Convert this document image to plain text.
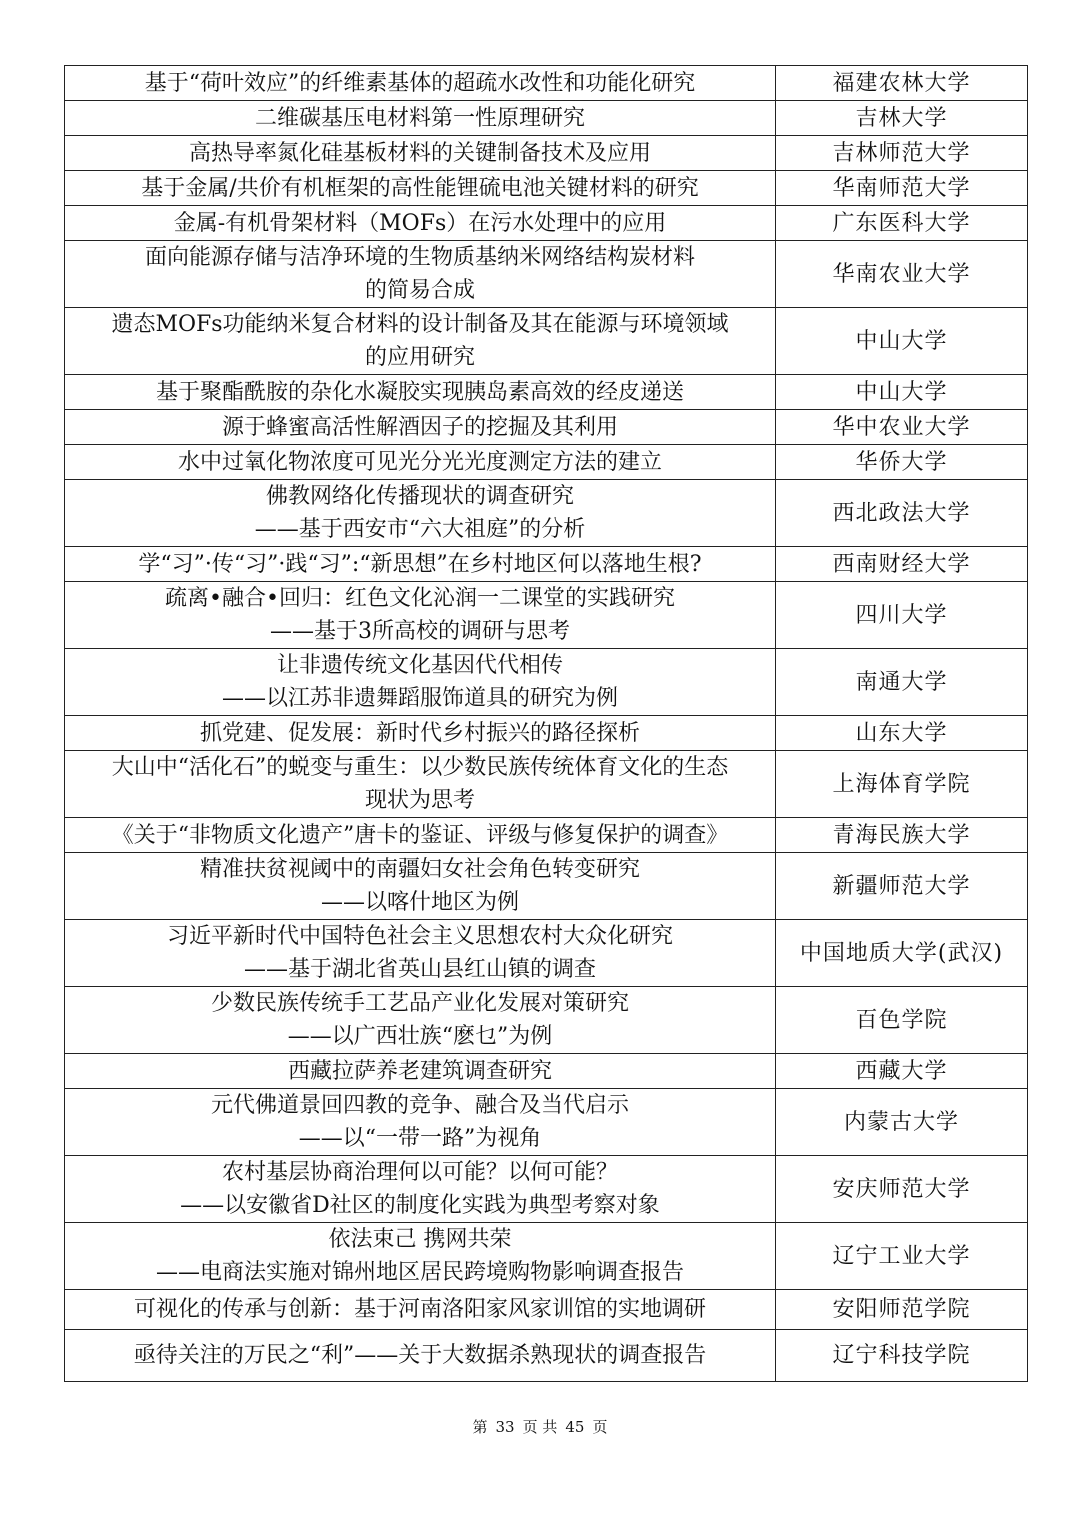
基于“荷叶效应”的纤维素基体的超疏水改性和功能化研究	福建农林大学

二维碳基压电材料第一性原理研究	吉林大学

高热导率氮化硅基板材料的关键制备技术及应用	吉林师范大学

基于金属/共价有机框架的高性能锂硫电池关键材料的研究	华南师范大学

金属-有机骨架材料（MOFs）在污水处理中的应用	广东医科大学

面向能源存储与洁净环境的生物质基纳米网络结构炭材料
的简易合成	华南农业大学

遗态MOFs功能纳米复合材料的设计制备及其在能源与环境领域
的应用研究	中山大学

基于聚酯酰胺的杂化水凝胶实现胰岛素高效的经皮递送	中山大学

源于蜂蜜高活性解酒因子的挖掘及其利用	华中农业大学

水中过氧化物浓度可见光分光光度测定方法的建立	华侨大学

佛教网络化传播现状的调查研究
——基于西安市“六大祖庭”的分析	西北政法大学

学“习”·传“习”·践“习”:“新思想”在乡村地区何以落地生根?	西南财经大学

疏离•融合•回归：红色文化沁润一二课堂的实践研究
——基于3所高校的调研与思考	四川大学

让非遗传统文化基因代代相传
——以江苏非遗舞蹈服饰道具的研究为例	南通大学

抓党建、促发展：新时代乡村振兴的路径探析	山东大学

大山中“活化石”的蜕变与重生：以少数民族传统体育文化的生态
现状为思考	上海体育学院

《关于“非物质文化遗产”唐卡的鉴证、评级与修复保护的调查》	青海民族大学

精准扶贫视阈中的南疆妇女社会角色转变研究
——以喀什地区为例	新疆师范大学

习近平新时代中国特色社会主义思想农村大众化研究
——基于湖北省英山县红山镇的调查	中国地质大学(武汉)

少数民族传统手工艺品产业化发展对策研究
——以广西壮族“麽乜”为例	百色学院

西藏拉萨养老建筑调查研究	西藏大学

元代佛道景回四教的竞争、融合及当代启示
——以“一带一路”为视角	内蒙古大学

农村基层协商治理何以可能？以何可能？
——以安徽省D社区的制度化实践为典型考察对象	安庆师范大学

依法束己 携网共荣
——电商法实施对锦州地区居民跨境购物影响调查报告	辽宁工业大学

可视化的传承与创新：基于河南洛阳家风家训馆的实地调研	安阳师范学院

亟待关注的万民之“利”——关于大数据杀熟现状的调查报告	辽宁科技学院
第 33 页 共 45 页
